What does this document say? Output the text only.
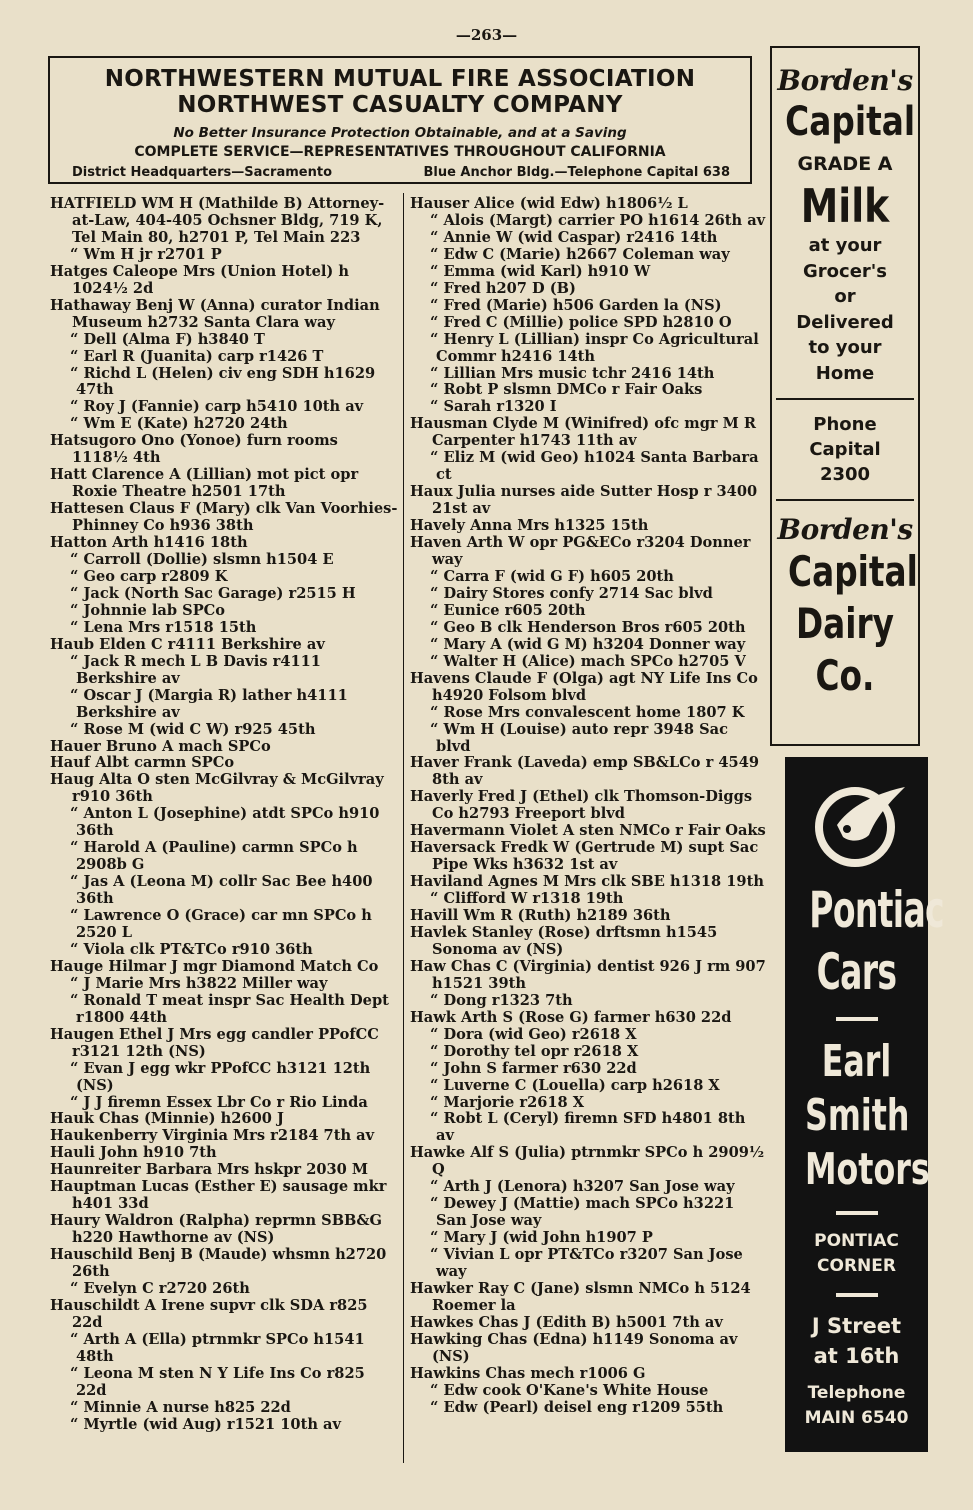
—263—
NORTHWESTERN MUTUAL FIRE ASSOCIATION
NORTHWEST CASUALTY COMPANY
No Better Insurance Protection Obtainable, and at a Saving
COMPLETE SERVICE—REPRESENTATIVES THROUGHOUT CALIFORNIA
District Headquarters—Sacramento	Blue Anchor Bldg.—Telephone Capital 638
HATFIELD WM H (Mathilde B) Attorney-at-Law, 404-405 Ochsner Bldg, 719 K, Tel Main 80, h2701 P, Tel Main 223
“ Wm H jr r2701 P
Hatges Caleope Mrs (Union Hotel) h 1024½ 2d
Hathaway Benj W (Anna) curator Indian Museum h2732 Santa Clara way
“ Dell (Alma F) h3840 T
“ Earl R (Juanita) carp r1426 T
“ Richd L (Helen) civ eng SDH h1629 47th
“ Roy J (Fannie) carp h5410 10th av
“ Wm E (Kate) h2720 24th
Hatsugoro Ono (Yonoe) furn rooms 1118½ 4th
Hatt Clarence A (Lillian) mot pict opr Roxie Theatre h2501 17th
Hattesen Claus F (Mary) clk Van Voorhies-Phinney Co h936 38th
Hatton Arth h1416 18th
“ Carroll (Dollie) slsmn h1504 E
“ Geo carp r2809 K
“ Jack (North Sac Garage) r2515 H
“ Johnnie lab SPCo
“ Lena Mrs r1518 15th
Haub Elden C r4111 Berkshire av
“ Jack R mech L B Davis r4111 Berkshire av
“ Oscar J (Margia R) lather h4111 Berkshire av
“ Rose M (wid C W) r925 45th
Hauer Bruno A mach SPCo
Hauf Albt carmn SPCo
Haug Alta O sten McGilvray & McGilvray r910 36th
“ Anton L (Josephine) atdt SPCo h910 36th
“ Harold A (Pauline) carmn SPCo h 2908b G
“ Jas A (Leona M) collr Sac Bee h400 36th
“ Lawrence O (Grace) car mn SPCo h 2520 L
“ Viola clk PT&TCo r910 36th
Hauge Hilmar J mgr Diamond Match Co
“ J Marie Mrs h3822 Miller way
“ Ronald T meat inspr Sac Health Dept r1800 44th
Haugen Ethel J Mrs egg candler PPofCC r3121 12th (NS)
“ Evan J egg wkr PPofCC h3121 12th (NS)
“ J J firemn Essex Lbr Co r Rio Linda
Hauk Chas (Minnie) h2600 J
Haukenberry Virginia Mrs r2184 7th av
Hauli John h910 7th
Haunreiter Barbara Mrs hskpr 2030 M
Hauptman Lucas (Esther E) sausage mkr h401 33d
Haury Waldron (Ralpha) reprmn SBB&G h220 Hawthorne av (NS)
Hauschild Benj B (Maude) whsmn h2720 26th
“ Evelyn C r2720 26th
Hauschildt A Irene supvr clk SDA r825 22d
“ Arth A (Ella) ptrnmkr SPCo h1541 48th
“ Leona M sten N Y Life Ins Co r825 22d
“ Minnie A nurse h825 22d
“ Myrtle (wid Aug) r1521 10th av
Hauser Alice (wid Edw) h1806½ L
“ Alois (Margt) carrier PO h1614 26th av
“ Annie W (wid Caspar) r2416 14th
“ Edw C (Marie) h2667 Coleman way
“ Emma (wid Karl) h910 W
“ Fred h207 D (B)
“ Fred (Marie) h506 Garden la (NS)
“ Fred C (Millie) police SPD h2810 O
“ Henry L (Lillian) inspr Co Agricultural Commr h2416 14th
“ Lillian Mrs music tchr 2416 14th
“ Robt P slsmn DMCo r Fair Oaks
“ Sarah r1320 I
Hausman Clyde M (Winifred) ofc mgr M R Carpenter h1743 11th av
“ Eliz M (wid Geo) h1024 Santa Barbara ct
Haux Julia nurses aide Sutter Hosp r 3400 21st av
Havely Anna Mrs h1325 15th
Haven Arth W opr PG&ECo r3204 Donner way
“ Carra F (wid G F) h605 20th
“ Dairy Stores confy 2714 Sac blvd
“ Eunice r605 20th
“ Geo B clk Henderson Bros r605 20th
“ Mary A (wid G M) h3204 Donner way
“ Walter H (Alice) mach SPCo h2705 V
Havens Claude F (Olga) agt NY Life Ins Co h4920 Folsom blvd
“ Rose Mrs convalescent home 1807 K
“ Wm H (Louise) auto repr 3948 Sac blvd
Haver Frank (Laveda) emp SB&LCo r 4549 8th av
Haverly Fred J (Ethel) clk Thomson-Diggs Co h2793 Freeport blvd
Havermann Violet A sten NMCo r Fair Oaks
Haversack Fredk W (Gertrude M) supt Sac Pipe Wks h3632 1st av
Haviland Agnes M Mrs clk SBE h1318 19th
“ Clifford W r1318 19th
Havill Wm R (Ruth) h2189 36th
Havlek Stanley (Rose) drftsmn h1545 Sonoma av (NS)
Haw Chas C (Virginia) dentist 926 J rm 907 h1521 39th
“ Dong r1323 7th
Hawk Arth S (Rose G) farmer h630 22d
“ Dora (wid Geo) r2618 X
“ Dorothy tel opr r2618 X
“ John S farmer r630 22d
“ Luverne C (Louella) carp h2618 X
“ Marjorie r2618 X
“ Robt L (Ceryl) firemn SFD h4801 8th av
Hawke Alf S (Julia) ptrnmkr SPCo h 2909½ Q
“ Arth J (Lenora) h3207 San Jose way
“ Dewey J (Mattie) mach SPCo h3221 San Jose way
“ Mary J (wid John h1907 P
“ Vivian L opr PT&TCo r3207 San Jose way
Hawker Ray C (Jane) slsmn NMCo h 5124 Roemer la
Hawkes Chas J (Edith B) h5001 7th av
Hawking Chas (Edna) h1149 Sonoma av (NS)
Hawkins Chas mech r1006 G
“ Edw cook O'Kane's White House
“ Edw (Pearl) deisel eng r1209 55th
Borden's
Capital
GRADE A
Milk
at your
Grocer's
or
Delivered
to your
Home
Phone
Capital
2300
Borden's
Capital
Dairy
Co.
Pontiac
Cars
Earl
Smith
Motors
PONTIAC
CORNER
J Street
at 16th
Telephone
MAIN 6540
